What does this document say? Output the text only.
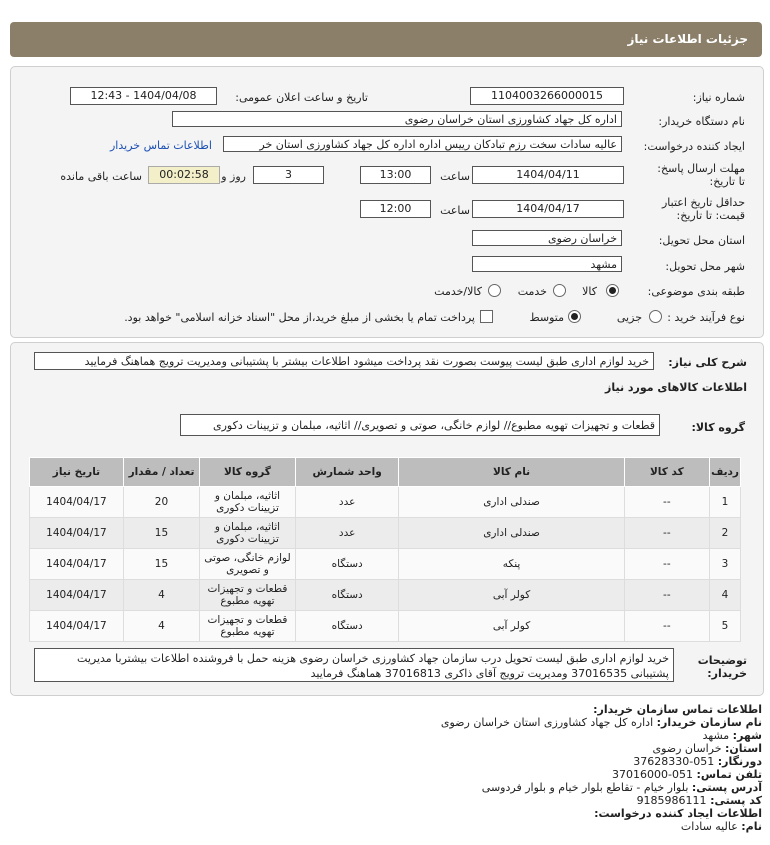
جزئیات اطلاعات نیاز
شماره نیاز:
1104003266000015
تاریخ و ساعت اعلان عمومی:
1404/04/08 - 12:43
نام دستگاه خریدار:
اداره کل جهاد کشاورزی استان خراسان رضوی
ایجاد کننده درخواست:
عالیه سادات سخت رزم تبادکان رییس اداره اداره کل جهاد کشاورزی استان خر
اطلاعات تماس خریدار
مهلت ارسال پاسخ: تا تاریخ:
1404/04/11
ساعت
13:00
3
روز و
00:02:58
ساعت باقی مانده
حداقل تاریخ اعتبار قیمت: تا تاریخ:
1404/04/17
ساعت
12:00
استان محل تحویل:
خراسان رضوی
شهر محل تحویل:
مشهد
طبقه بندی موضوعی:
کالا
خدمت
کالا/خدمت
نوع فرآیند خرید :
جزیی
متوسط
پرداخت تمام یا بخشی از مبلغ خرید،از محل "اسناد خزانه اسلامی" خواهد بود.
شرح کلی نیاز:
خرید لوازم اداری طبق لیست پیوست بصورت نقد پرداخت میشود اطلاعات بیشتر با پشتیبانی ومدیریت ترویج هماهنگ فرمایید
اطلاعات کالاهای مورد نیاز
گروه کالا:
قطعات و تجهیزات تهویه مطبوع// لوازم خانگی، صوتی و تصویری// اثاثیه، مبلمان و تزیینات دکوری
ردیف	کد کالا	نام کالا	واحد شمارش	گروه کالا	تعداد / مقدار	تاریخ نیاز
1	--	صندلی اداری	عدد	اثاثیه، مبلمان و تزیینات دکوری	20	1404/04/17
2	--	صندلی اداری	عدد	اثاثیه، مبلمان و تزیینات دکوری	15	1404/04/17
3	--	پنکه	دستگاه	لوازم خانگی، صوتی و تصویری	15	1404/04/17
4	--	کولر آبی	دستگاه	قطعات و تجهیزات تهویه مطبوع	4	1404/04/17
5	--	کولر آبی	دستگاه	قطعات و تجهیزات تهویه مطبوع	4	1404/04/17
توضیحات خریدار:
خرید لوازم اداری طبق لیست تحویل درب سازمان جهاد کشاورزی خراسان رضوی هزینه حمل با فروشنده اطلاعات بیشتربا مدیریت پشتیبانی 37016535 ومدیریت ترویج آقای ذاکری 37016813 هماهنگ فرمایید
اطلاعات تماس سازمان خریدار:
نام سازمان خریدار: اداره کل جهاد کشاورزی استان خراسان رضوی
شهر: مشهد
استان: خراسان رضوی
دورنگار: 051-37628330
تلفن تماس: 051-37016000
آدرس پستی: بلوار خیام - تقاطع بلوار خیام و بلوار فردوسی
کد پستی: 9185986111
اطلاعات ایجاد کننده درخواست:
نام: عالیه سادات
